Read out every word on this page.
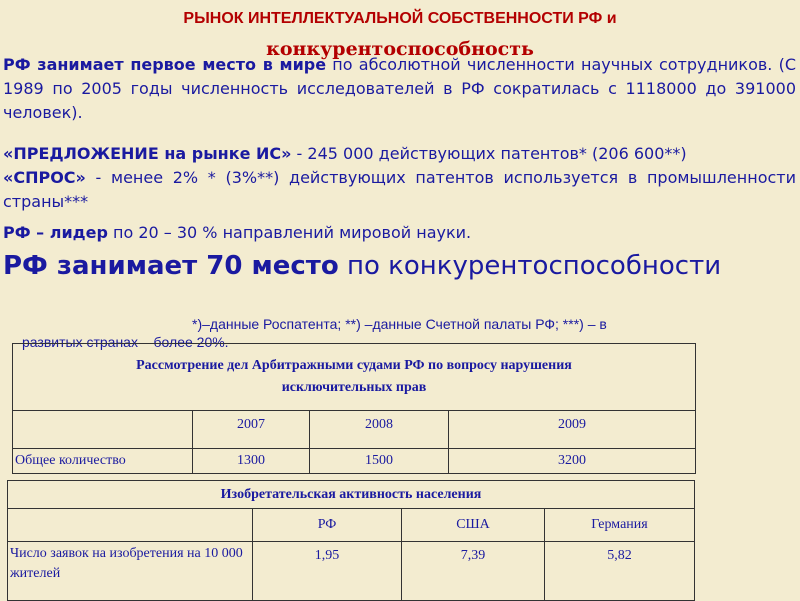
РЫНОК ИНТЕЛЛЕКТУАЛЬНОЙ СОБСТВЕННОСТИ РФ и
конкурентоспособность
РФ занимает первое место в мире по абсолютной численности научных сотрудников. (С 1989 по 2005 годы численность исследователей в РФ сократилась с 1118000 до 391000 человек).
«ПРЕДЛОЖЕНИЕ на рынке ИС» - 245 000 действующих патентов* (206 600**)
«СПРОС» - менее 2% * (3%**) действующих патентов используется в промышленности страны***
РФ – лидер по 20 – 30 % направлений мировой науки.
РФ занимает 70 место по конкурентоспособности
*)–данные Роспатента; **) –данные Счетной палаты РФ; ***) – в
развитых странах – более 20%.
Рассмотрение дел Арбитражными судами РФ по вопросу нарушения
исключительных прав			

	2007	2008	2009
Общее количество	1300	1500	3200
Изобретательская активность населения			
	РФ	США	Германия
Число заявок на изобретения на 10 000 жителей	1,95	7,39	5,82
